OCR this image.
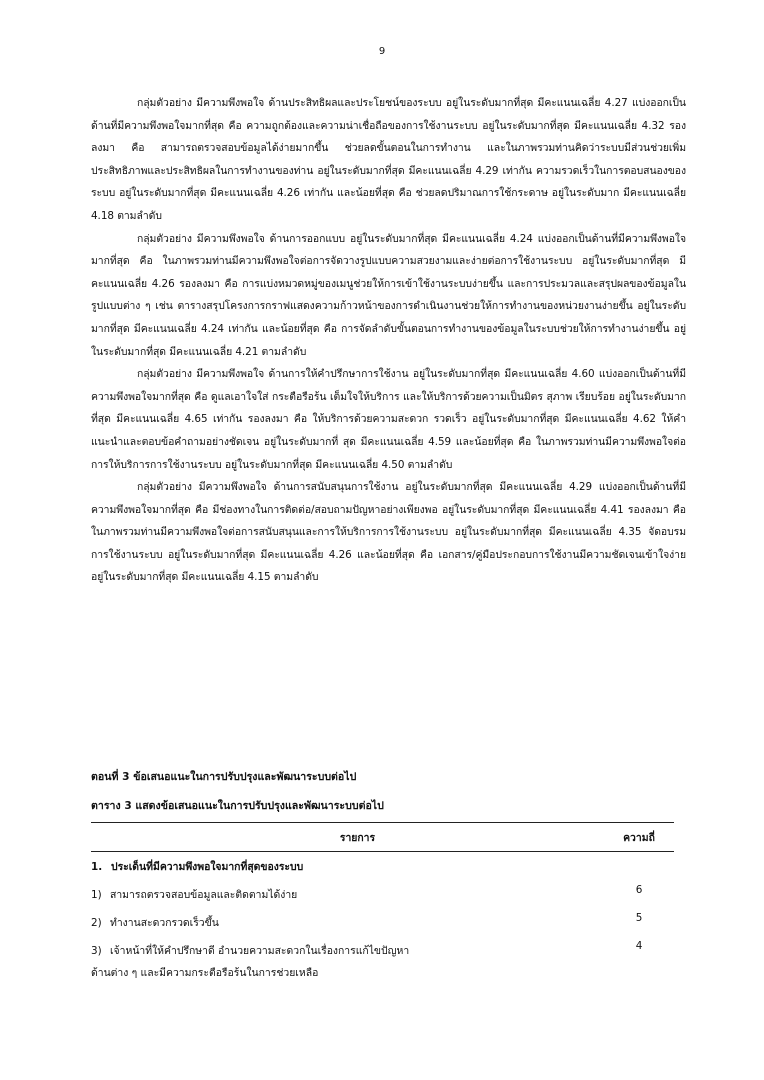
9

กลุ่มตัวอย่าง มีความพึงพอใจ ด้านประสิทธิผลและประโยชน์ของระบบ อยู่ในระดับมากที่สุด มีคะแนนเฉลี่ย 4.27 แบ่งออกเป็นด้านที่มีความพึงพอใจมากที่สุด คือ ความถูกต้องและความน่าเชื่อถือของการใช้งานระบบ อยู่ในระดับมากที่สุด มีคะแนนเฉลี่ย 4.32 รองลงมา คือ สามารถตรวจสอบข้อมูลได้ง่ายมากขึ้น ช่วยลดขั้นตอนในการทำงาน และในภาพรวมท่านคิดว่าระบบมีส่วนช่วยเพิ่มประสิทธิภาพและประสิทธิผลในการทำงานของท่าน อยู่ในระดับมากที่สุด มีคะแนนเฉลี่ย 4.29 เท่ากัน ความรวดเร็วในการตอบสนองของระบบ อยู่ในระดับมากที่สุด มีคะแนนเฉลี่ย 4.26 เท่ากัน และน้อยที่สุด คือ ช่วยลดปริมาณการใช้กระดาษ อยู่ในระดับมาก มีคะแนนเฉลี่ย 4.18 ตามลำดับ

กลุ่มตัวอย่าง มีความพึงพอใจ ด้านการออกแบบ อยู่ในระดับมากที่สุด มีคะแนนเฉลี่ย 4.24 แบ่งออกเป็นด้านที่มีความพึงพอใจมากที่สุด คือ ในภาพรวมท่านมีความพึงพอใจต่อการจัดวางรูปแบบความสวยงามและง่ายต่อการใช้งานระบบ อยู่ในระดับมากที่สุด มีคะแนนเฉลี่ย 4.26 รองลงมา คือ การแบ่งหมวดหมู่ของเมนูช่วยให้การเข้าใช้งานระบบง่ายขึ้น และการประมวลและสรุปผลของข้อมูลในรูปแบบต่าง ๆ เช่น ตารางสรุปโครงการกราฟแสดงความก้าวหน้าของการดำเนินงานช่วยให้การทำงานของหน่วยงานง่ายขึ้น อยู่ในระดับมากที่สุด มีคะแนนเฉลี่ย 4.24 เท่ากัน และน้อยที่สุด คือ การจัดลำดับขั้นตอนการทำงานของข้อมูลในระบบช่วยให้การทำงานง่ายขึ้น อยู่ในระดับมากที่สุด มีคะแนนเฉลี่ย 4.21 ตามลำดับ

กลุ่มตัวอย่าง มีความพึงพอใจ ด้านการให้คำปรึกษาการใช้งาน อยู่ในระดับมากที่สุด มีคะแนนเฉลี่ย 4.60 แบ่งออกเป็นด้านที่มีความพึงพอใจมากที่สุด คือ ดูแลเอาใจใส่ กระตือรือร้น เต็มใจให้บริการ และให้บริการด้วยความเป็นมิตร สุภาพ เรียบร้อย อยู่ในระดับมากที่สุด มีคะแนนเฉลี่ย 4.65 เท่ากัน รองลงมา คือ ให้บริการด้วยความสะดวก รวดเร็ว อยู่ในระดับมากที่สุด มีคะแนนเฉลี่ย 4.62 ให้คำแนะนำและตอบข้อคำถามอย่างชัดเจน อยู่ในระดับมากที่ สุด มีคะแนนเฉลี่ย 4.59 และน้อยที่สุด คือ ในภาพรวมท่านมีความพึงพอใจต่อการให้บริการการใช้งานระบบ อยู่ในระดับมากที่สุด มีคะแนนเฉลี่ย 4.50 ตามลำดับ

กลุ่มตัวอย่าง มีความพึงพอใจ ด้านการสนับสนุนการใช้งาน อยู่ในระดับมากที่สุด มีคะแนนเฉลี่ย 4.29 แบ่งออกเป็นด้านที่มีความพึงพอใจมากที่สุด คือ มีช่องทางในการติดต่อ/สอบถามปัญหาอย่างเพียงพอ อยู่ในระดับมากที่สุด มีคะแนนเฉลี่ย 4.41 รองลงมา คือ ในภาพรวมท่านมีความพึงพอใจต่อการสนับสนุนและการให้บริการการใช้งานระบบ อยู่ในระดับมากที่สุด มีคะแนนเฉลี่ย 4.35 จัดอบรมการใช้งานระบบ อยู่ในระดับมากที่สุด มีคะแนนเฉลี่ย 4.26 และน้อยที่สุด คือ เอกสาร/คู่มือประกอบการใช้งานมีความชัดเจนเข้าใจง่าย อยู่ในระดับมากที่สุด มีคะแนนเฉลี่ย 4.15 ตามลำดับ

ตอนที่ 3 ข้อเสนอแนะในการปรับปรุงและพัฒนาระบบต่อไป

ตาราง 3 แสดงข้อเสนอแนะในการปรับปรุงและพัฒนาระบบต่อไป

รายการ	ความถี่
1. ประเด็นที่มีความพึงพอใจมากที่สุดของระบบ	
1) สามารถตรวจสอบข้อมูลและติดตามได้ง่าย	6
2) ทำงานสะดวกรวดเร็วขึ้น	5
3) เจ้าหน้าที่ให้คำปรึกษาดี อำนวยความสะดวกในเรื่องการแก้ไขปัญหา
ด้านต่าง ๆ และมีความกระตือรือร้นในการช่วยเหลือ	4
